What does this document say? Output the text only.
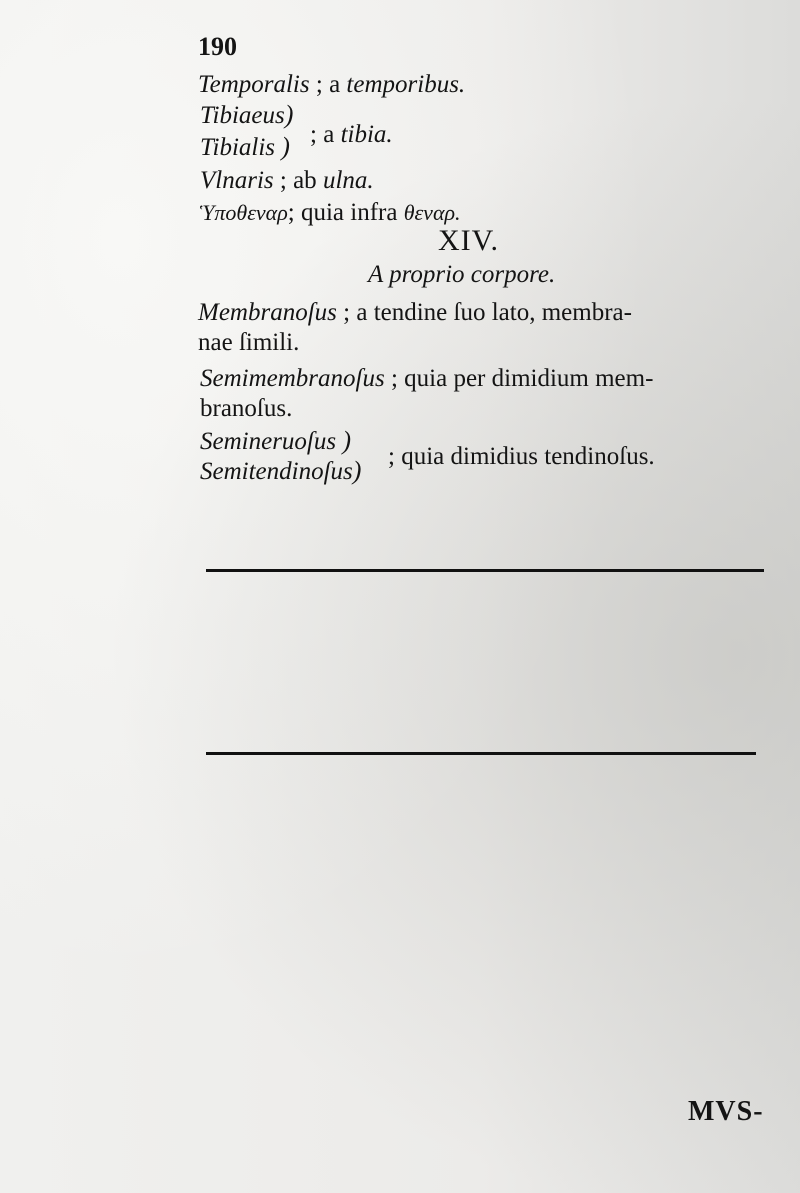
190
Temporalis ; a temporibus.
Tibiaeus)
Tibialis ) ; a tibia.
Vlnaris ; ab ulna.
Ὑποθεναρ; quia infra θεναρ.
XIV.
A proprio corpore.
Membranoſus ; a tendine ſuo lato, membra-
nae ſimili.
Semimembranoſus ; quia per dimidium mem-
branoſus.
Semineruoſus )
Semitendinoſus) ; quia dimidius tendinoſus.
MVS-
